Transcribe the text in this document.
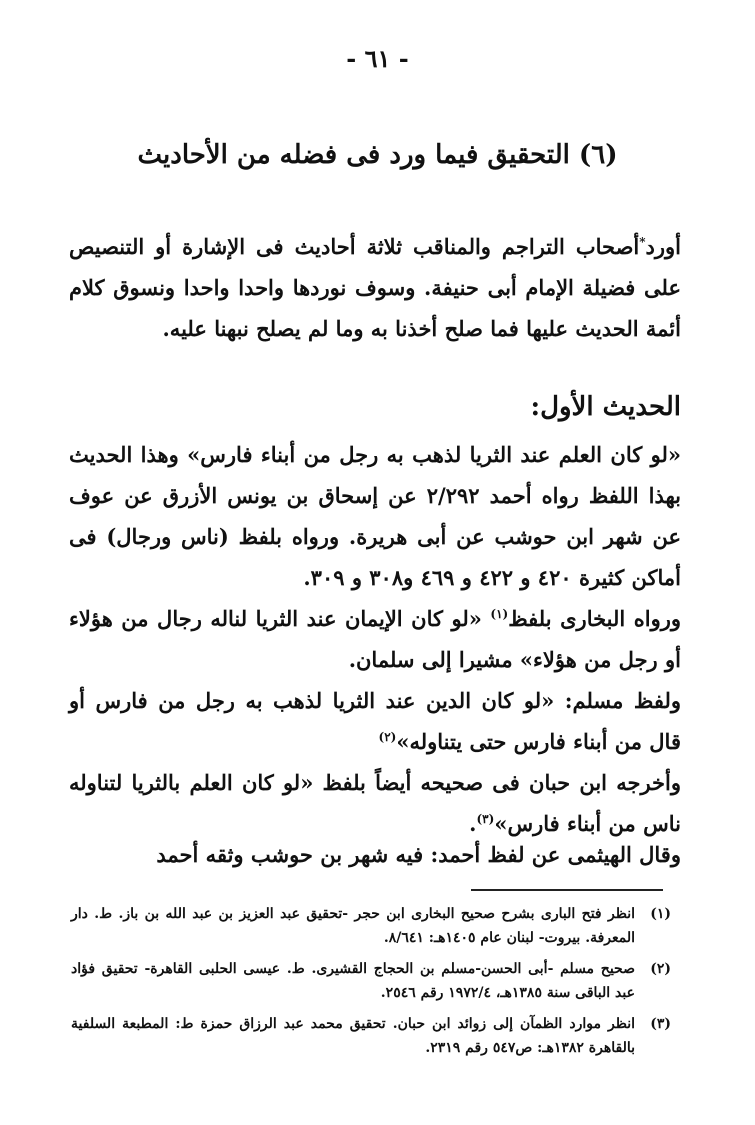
- ٦١ -
(٦) التحقيق فيما ورد فى فضله من الأحاديث
أورد*أصحاب التراجم والمناقب ثلاثة أحاديث فى الإشارة أو التنصيص على فضيلة الإمام أبى حنيفة. وسوف نوردها واحدا واحدا ونسوق كلام أئمة الحديث عليها فما صلح أخذنا به وما لم يصلح نبهنا عليه.
الحديث الأول:
«لو كان العلم عند الثريا لذهب به رجل من أبناء فارس» وهذا الحديث بهذا اللفظ رواه أحمد ٢/٢٩٢ عن إسحاق بن يونس الأزرق عن عوف عن شهر ابن حوشب عن أبى هريرة. ورواه بلفظ (ناس ورجال) فى أماكن كثيرة ٤٢٠ و ٤٢٢ و ٤٦٩ و٣٠٨ و ٣٠٩.
ورواه البخارى بلفظ$^{(١)}$ «لو كان الإيمان عند الثريا لناله رجال من هؤلاء أو رجل من هؤلاء» مشيرا إلى سلمان.
ولفظ مسلم: «لو كان الدين عند الثريا لذهب به رجل من فارس أو قال من أبناء فارس حتى يتناوله»$^{(٢)}$
وأخرجه ابن حبان فى صحيحه أيضاً بلفظ «لو كان العلم بالثريا لتناوله ناس من أبناء فارس»$^{(٣)}$.
وقال الهيثمى عن لفظ أحمد: فيه شهر بن حوشب وثقه أحمد
(١)
انظر فتح البارى بشرح صحيح البخارى ابن حجر -تحقيق عبد العزيز بن عبد الله بن باز. ط. دار المعرفة. بيروت- لبنان عام ١٤٠٥هـ: ٨/٦٤١.
(٢)
صحيح مسلم -أبى الحسن-مسلم بن الحجاج القشيرى. ط. عيسى الحلبى القاهرة- تحقيق فؤاد عبد الباقى سنة ١٣٨٥هـ، ١٩٧٢/٤ رقم ٢٥٤٦.
(٣)
انظر موارد الظمآن إلى زوائد ابن حبان. تحقيق محمد عبد الرزاق حمزة ط: المطبعة السلفية بالقاهرة ١٣٨٢هـ: ص٥٤٧ رقم ٢٣١٩.
